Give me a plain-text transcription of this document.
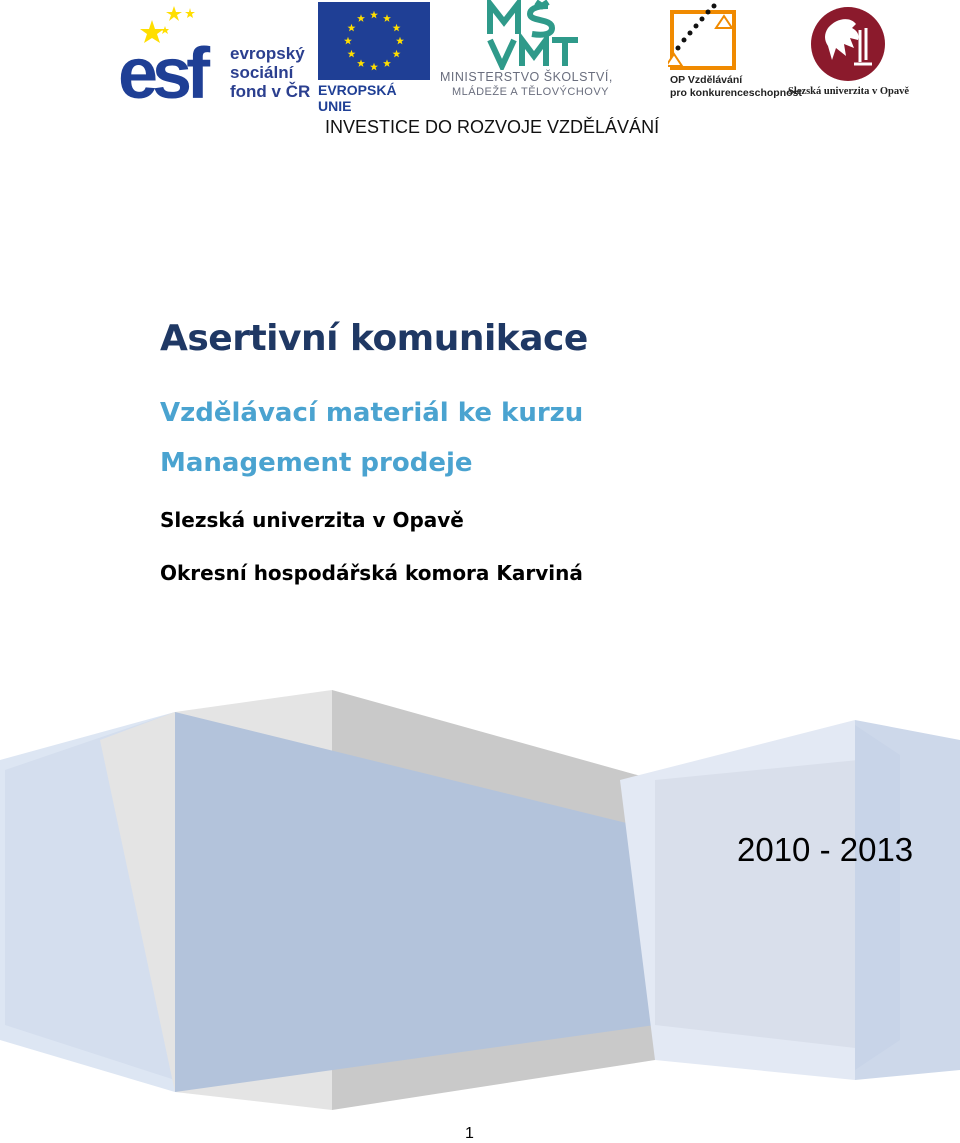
esf	evropský
sociální
fond v ČR EVROPSKÁ UNIE
MINISTERSTVO ŠKOLSTVÍ,
MLÁDEŽE A TĚLOVÝCHOVY
OP Vzdělávání
pro konkurenceschopnost
Slezská univerzita v Opavě
INVESTICE DO ROZVOJE VZDĚLÁVÁNÍ
Asertivní komunikace
Vzdělávací materiál ke kurzu Management prodeje
Slezská univerzita v Opavě
Okresní hospodářská komora Karviná
2010 - 2013
1
